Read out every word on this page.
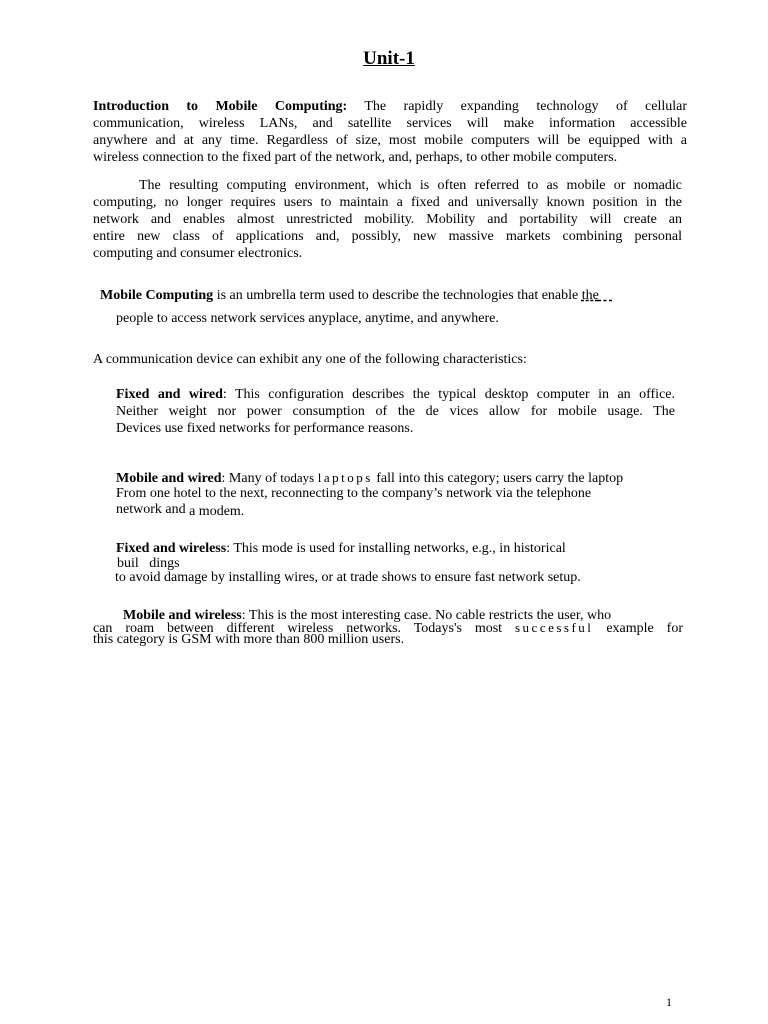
Unit-1
Introduction to Mobile Computing: The rapidly expanding technology of cellular
communication, wireless LANs, and satellite services will make information accessible
anywhere and at any time. Regardless of size, most mobile computers will be equipped with a
wireless connection to the fixed part of the network, and, perhaps, to other mobile computers.
The resulting computing environment, which is often referred to as mobile or nomadic
computing, no longer requires users to maintain a fixed and universally known position in the
network and enables almost unrestricted mobility. Mobility and portability will create an
entire new class of applications and, possibly, new massive markets combining personal
computing and consumer electronics.
Mobile Computing is an umbrella term used to describe the technologies that enable the
people to access network services anyplace, anytime, and anywhere.
A communication device can exhibit any one of the following characteristics:
Fixed and wired: This configuration describes the typical desktop computer in an office.
Neither weight nor power consumption of the de vices allow for mobile usage. The
Devices use fixed networks for performance reasons.
Mobile and wired: Many of todays laptops fall into this category; users carry the laptop
From one hotel to the next, reconnecting to the company’s network via the telephone
network and a modem.
Fixed and wireless: This mode is used for installing networks, e.g., in historical
buil   dings
to avoid damage by installing wires, or at trade shows to ensure fast network setup.
Mobile and wireless: This is the most interesting case. No cable restricts the user, who
can roam between different wireless networks. Todays's most successful example for
this category is GSM with more than 800 million users.
1
